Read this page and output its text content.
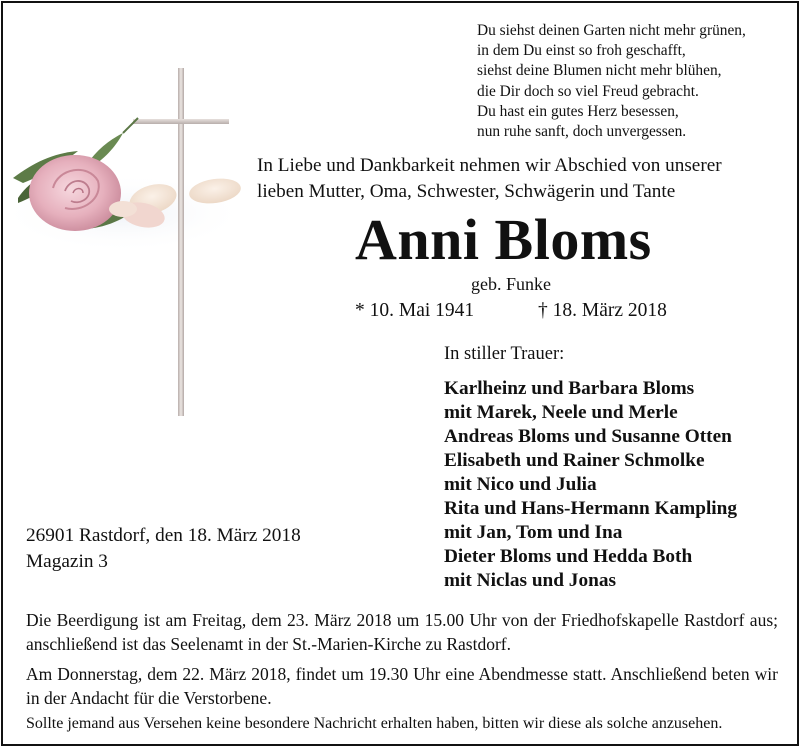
Du siehst deinen Garten nicht mehr grünen,
in dem Du einst so froh geschafft,
siehst deine Blumen nicht mehr blühen,
die Dir doch so viel Freud gebracht.
Du hast ein gutes Herz besessen,
nun ruhe sanft, doch unvergessen.
In Liebe und Dankbarkeit nehmen wir Abschied von unserer
lieben Mutter, Oma, Schwester, Schwägerin und Tante
Anni Bloms
geb. Funke
* 10. Mai 1941	† 18. März 2018
In stiller Trauer:
Karlheinz und Barbara Bloms
mit Marek, Neele und Merle
Andreas Bloms und Susanne Otten
Elisabeth und Rainer Schmolke
mit Nico und Julia
Rita und Hans-Hermann Kampling
mit Jan, Tom und Ina
Dieter Bloms und Hedda Both
mit Niclas und Jonas
26901 Rastdorf, den 18. März 2018
Magazin 3

Die Beerdigung ist am Freitag, dem 23. März 2018 um 15.00 Uhr von der Friedhofskapelle Rastdorf aus; anschließend ist das Seelenamt in der St.-Marien-Kirche zu Rastdorf.

Am Donnerstag, dem 22. März 2018, findet um 19.30 Uhr eine Abendmesse statt. Anschließend beten wir in der Andacht für die Verstorbene.

Sollte jemand aus Versehen keine besondere Nachricht erhalten haben, bitten wir diese als solche anzusehen.
